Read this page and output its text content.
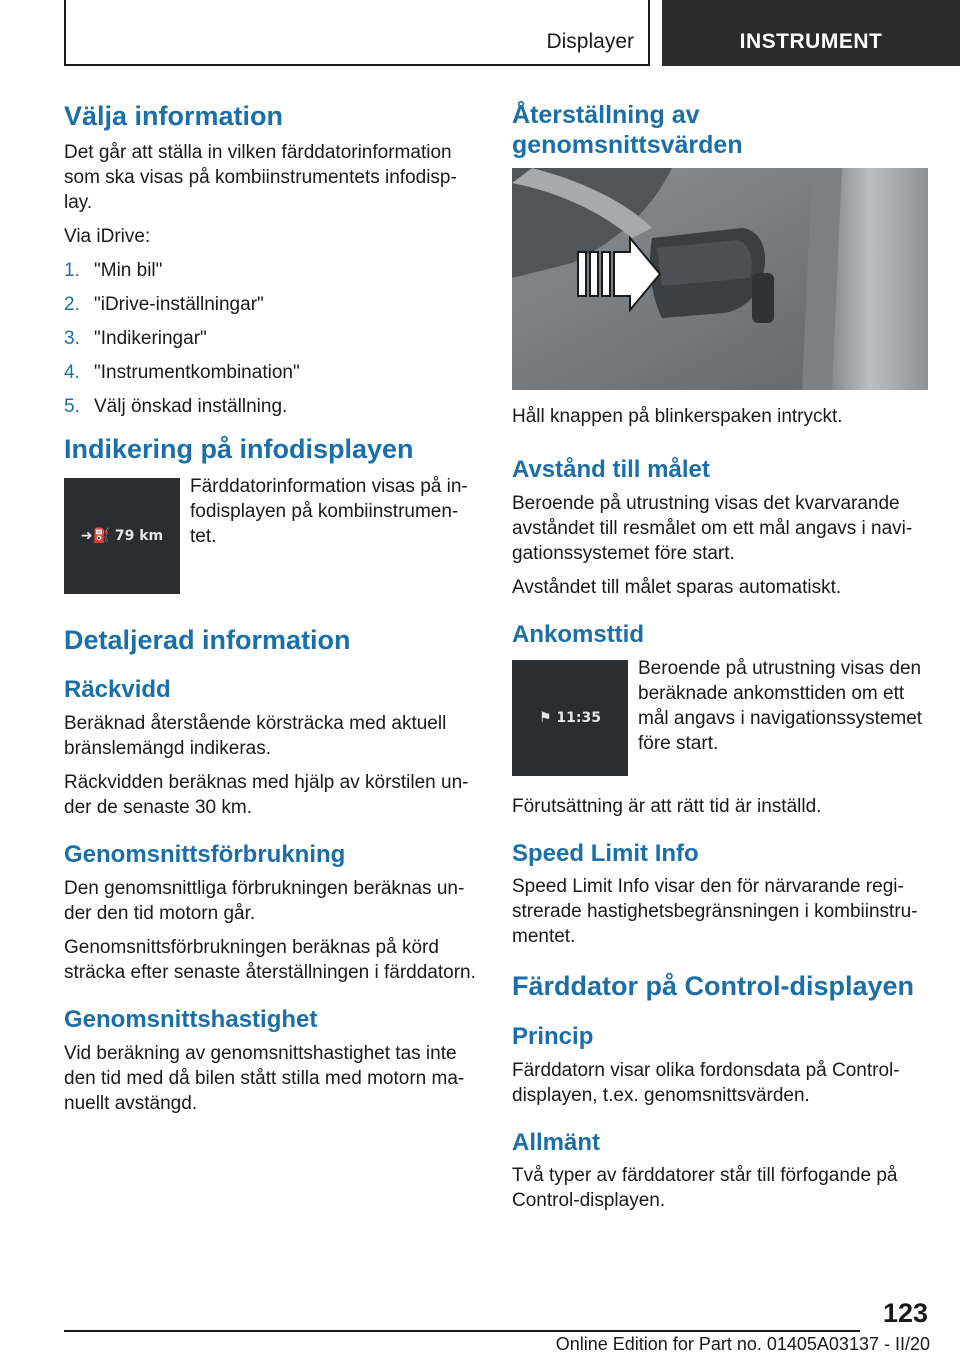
Displayer	INSTRUMENT
Välja information

Det går att ställa in vilken färddatorinformation som ska visas på kombiinstrumentets infodisp-lay.

Via iDrive:

1. "Min bil"
2. "iDrive-inställningar"
3. "Indikeringar"
4. "Instrumentkombination"
5. Välj önskad inställning.
Indikering på infodisplayen
➜⛽ 79 km

Färddatorinformation visas på in-fodisplayen på kombiinstrumen-tet.

Detaljerad information
Räckvidd

Beräknad återstående körsträcka med aktuell bränslemängd indikeras.

Räckvidden beräknas med hjälp av körstilen un-der de senaste 30 km.

Genomsnittsförbrukning

Den genomsnittliga förbrukningen beräknas un-der den tid motorn går.

Genomsnittsförbrukningen beräknas på körd sträcka efter senaste återställningen i färddatorn.

Genomsnittshastighet

Vid beräkning av genomsnittshastighet tas inte den tid med då bilen stått stilla med motorn ma-nuellt avstängd.

Återställning av genomsnittsvärden

Håll knappen på blinkerspaken intryckt.

Avstånd till målet

Beroende på utrustning visas det kvarvarande avståndet till resmålet om ett mål angavs i navi-gationssystemet före start.

Avståndet till målet sparas automatiskt.

Ankomsttid
⚑ 11:35

Beroende på utrustning visas den beräknade ankomsttiden om ett mål angavs i navigationssystemet före start.

Förutsättning är att rätt tid är inställd.

Speed Limit Info

Speed Limit Info visar den för närvarande regi-strerade hastighetsbegränsningen i kombiinstru-mentet.

Färddator på Control-displayen
Princip

Färddatorn visar olika fordonsdata på Control-displayen, t.ex. genomsnittsvärden.

Allmänt

Två typer av färddatorer står till förfogande på Control-displayen.

123
Online Edition for Part no. 01405A03137 - II/20
